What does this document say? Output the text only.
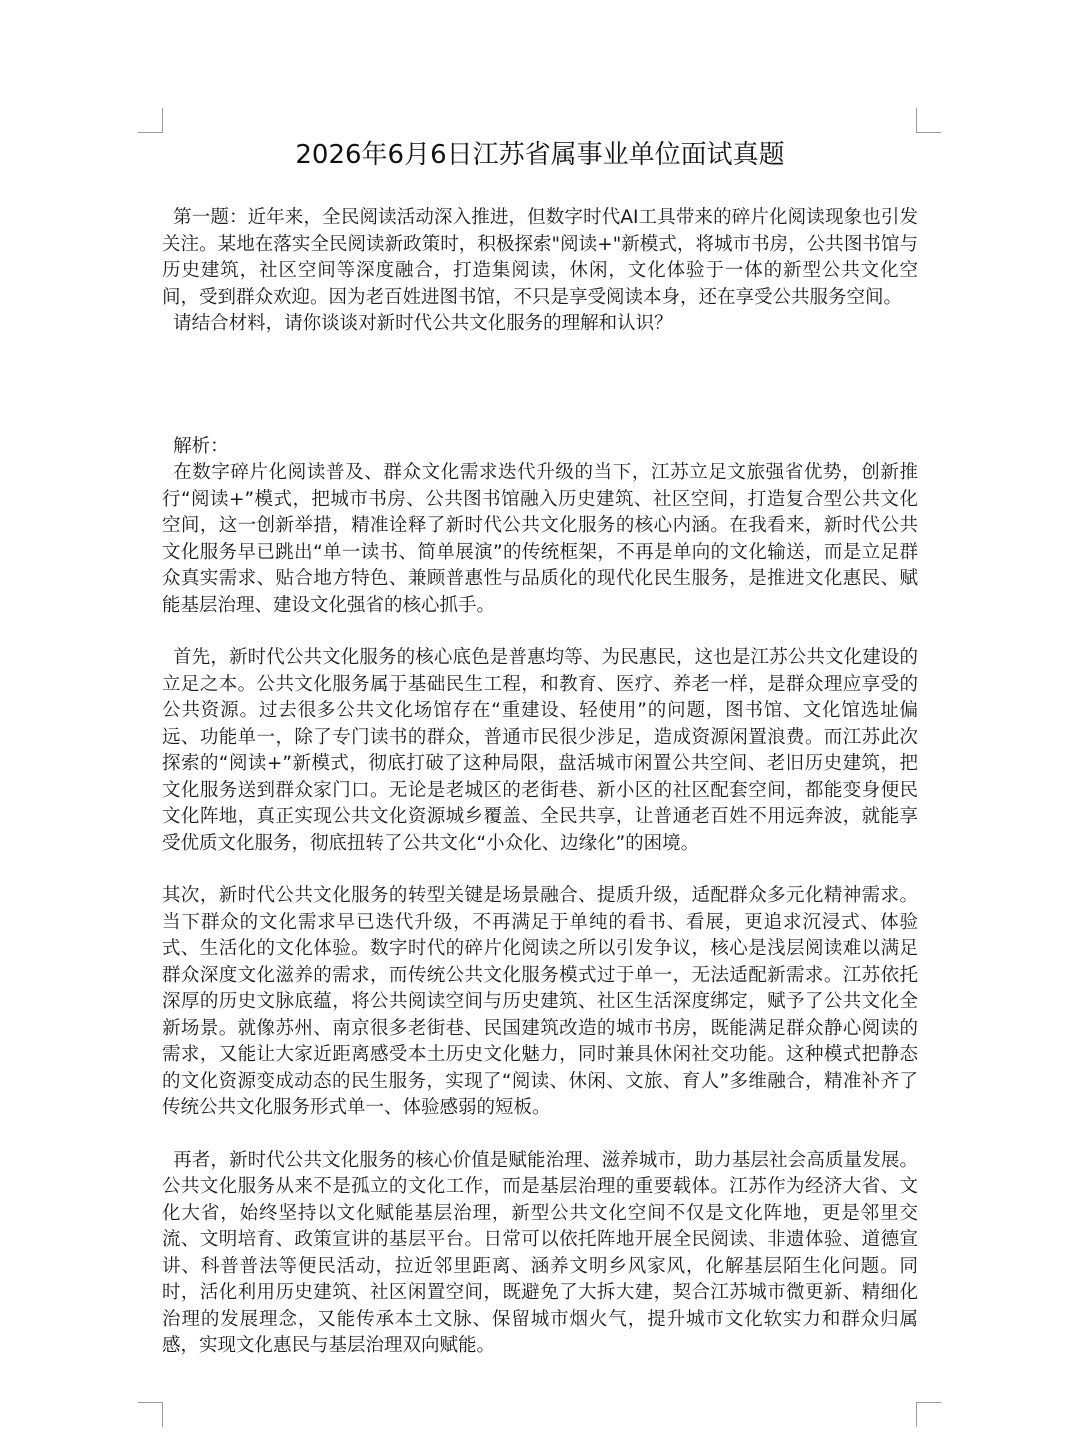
2026年6月6日江苏省属事业单位面试真题

第一题：近年来，全民阅读活动深入推进，但数字时代AI工具带来的碎片化阅读现象也引发关注。某地在落实全民阅读新政策时，积极探索"阅读+"新模式，将城市书房，公共图书馆与历史建筑，社区空间等深度融合，打造集阅读，休闲，文化体验于一体的新型公共文化空间，受到群众欢迎。因为老百姓进图书馆，不只是享受阅读本身，还在享受公共服务空间。

请结合材料，请你谈谈对新时代公共文化服务的理解和认识？

解析：

在数字碎片化阅读普及、群众文化需求迭代升级的当下，江苏立足文旅强省优势，创新推行“阅读+”模式，把城市书房、公共图书馆融入历史建筑、社区空间，打造复合型公共文化空间，这一创新举措，精准诠释了新时代公共文化服务的核心内涵。在我看来，新时代公共文化服务早已跳出“单一读书、简单展演”的传统框架，不再是单向的文化输送，而是立足群众真实需求、贴合地方特色、兼顾普惠性与品质化的现代化民生服务，是推进文化惠民、赋能基层治理、建设文化强省的核心抓手。

首先，新时代公共文化服务的核心底色是普惠均等、为民惠民，这也是江苏公共文化建设的立足之本。公共文化服务属于基础民生工程，和教育、医疗、养老一样，是群众理应享受的公共资源。过去很多公共文化场馆存在“重建设、轻使用”的问题，图书馆、文化馆选址偏远、功能单一，除了专门读书的群众，普通市民很少涉足，造成资源闲置浪费。而江苏此次探索的“阅读+”新模式，彻底打破了这种局限，盘活城市闲置公共空间、老旧历史建筑，把文化服务送到群众家门口。无论是老城区的老街巷、新小区的社区配套空间，都能变身便民文化阵地，真正实现公共文化资源城乡覆盖、全民共享，让普通老百姓不用远奔波，就能享受优质文化服务，彻底扭转了公共文化“小众化、边缘化”的困境。

其次，新时代公共文化服务的转型关键是场景融合、提质升级，适配群众多元化精神需求。当下群众的文化需求早已迭代升级，不再满足于单纯的看书、看展，更追求沉浸式、体验式、生活化的文化体验。数字时代的碎片化阅读之所以引发争议，核心是浅层阅读难以满足群众深度文化滋养的需求，而传统公共文化服务模式过于单一，无法适配新需求。江苏依托深厚的历史文脉底蕴，将公共阅读空间与历史建筑、社区生活深度绑定，赋予了公共文化全新场景。就像苏州、南京很多老街巷、民国建筑改造的城市书房，既能满足群众静心阅读的需求，又能让大家近距离感受本土历史文化魅力，同时兼具休闲社交功能。这种模式把静态的文化资源变成动态的民生服务，实现了“阅读、休闲、文旅、育人”多维融合，精准补齐了传统公共文化服务形式单一、体验感弱的短板。

再者，新时代公共文化服务的核心价值是赋能治理、滋养城市，助力基层社会高质量发展。公共文化服务从来不是孤立的文化工作，而是基层治理的重要载体。江苏作为经济大省、文化大省，始终坚持以文化赋能基层治理，新型公共文化空间不仅是文化阵地，更是邻里交流、文明培育、政策宣讲的基层平台。日常可以依托阵地开展全民阅读、非遗体验、道德宣讲、科普普法等便民活动，拉近邻里距离、涵养文明乡风家风，化解基层陌生化问题。同时，活化利用历史建筑、社区闲置空间，既避免了大拆大建，契合江苏城市微更新、精细化治理的发展理念，又能传承本土文脉、保留城市烟火气，提升城市文化软实力和群众归属感，实现文化惠民与基层治理双向赋能。
